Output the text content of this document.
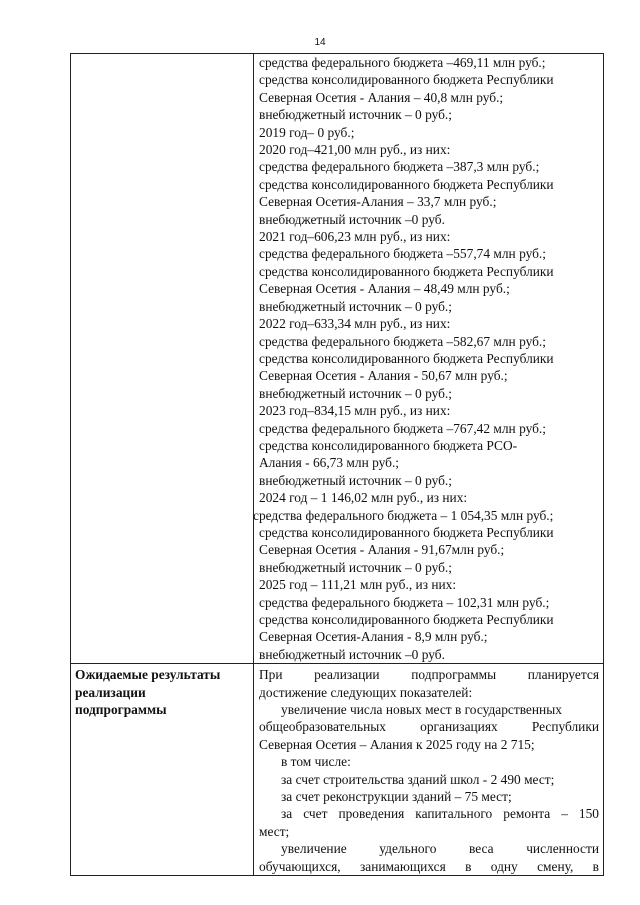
14
средства федерального бюджета –469,11 млн руб.;
средства консолидированного бюджета Республики
Северная Осетия - Алания – 40,8 млн руб.;
внебюджетный источник – 0 руб.;
2019 год– 0 руб.;
2020 год–421,00 млн руб., из них:
средства федерального бюджета –387,3 млн руб.;
средства консолидированного бюджета Республики
Северная Осетия-Алания – 33,7 млн руб.;
внебюджетный источник –0 руб.
2021 год–606,23 млн руб., из них:
средства федерального бюджета –557,74 млн руб.;
средства консолидированного бюджета Республики
Северная Осетия - Алания – 48,49 млн руб.;
внебюджетный источник – 0 руб.;
2022 год–633,34 млн руб., из них:
средства федерального бюджета –582,67 млн руб.;
средства консолидированного бюджета Республики
Северная Осетия - Алания - 50,67 млн руб.;
внебюджетный источник – 0 руб.;
2023 год–834,15 млн руб., из них:
средства федерального бюджета –767,42 млн руб.;
средства консолидированного бюджета РСО-
Алания - 66,73 млн руб.;
внебюджетный источник – 0 руб.;
2024 год – 1 146,02 млн руб., из них:
средства федерального бюджета – 1 054,35 млн руб.;
средства консолидированного бюджета Республики
Северная Осетия - Алания - 91,67млн руб.;
внебюджетный источник – 0 руб.;
2025 год – 111,21 млн руб., из них:
средства федерального бюджета – 102,31 млн руб.;
средства консолидированного бюджета Республики
Северная Осетия-Алания - 8,9 млн руб.;
внебюджетный источник –0 руб.
Ожидаемые результаты
реализации
подпрограммы
При реализации подпрограммы планируется
достижение следующих показателей:
увеличение числа новых мест в государственных
общеобразовательных организациях Республики
Северная Осетия – Алания к 2025 году на 2 715;
в том числе:
за счет строительства зданий школ - 2 490 мест;
за счет реконструкции зданий – 75 мест;
за счет проведения капитального ремонта – 150
мест;
увеличение удельного веса численности
обучающихся, занимающихся в одну смену, в
